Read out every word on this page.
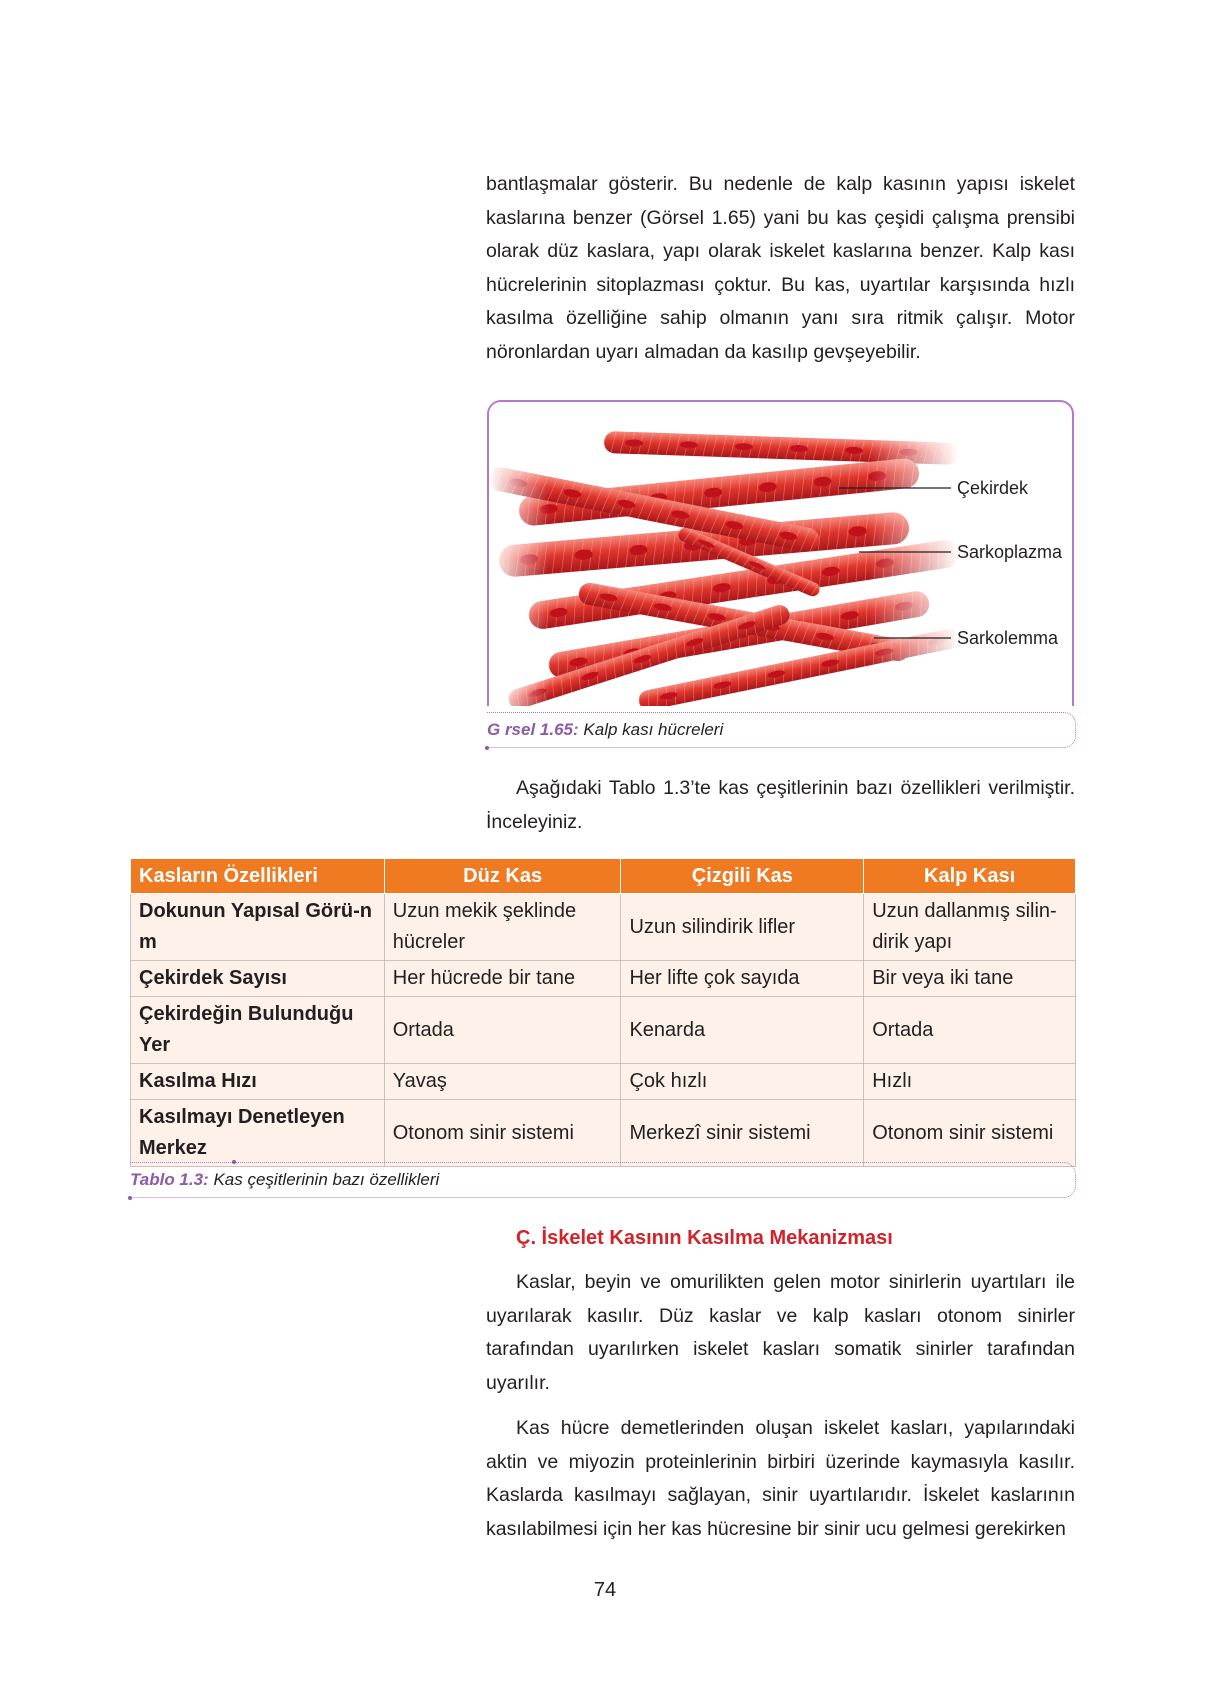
bantlaşmalar gösterir. Bu nedenle de kalp kasının yapısı iskelet kaslarına benzer (Görsel 1.65) yani bu kas çeşidi çalışma prensibi olarak düz kaslara, yapı olarak iskelet kaslarına benzer. Kalp kası hücrelerinin sitoplazması çoktur. Bu kas, uyartılar karşısında hızlı kasılma özelliğine sahip olmanın yanı sıra ritmik çalışır. Motor nöronlardan uyarı almadan da kasılıp gevşeyebilir.

Çekirdek
Sarkoplazma
Sarkolemma
G rsel 1.65: Kalp kası hücreleri

Aşağıdaki Tablo 1.3’te kas çeşitlerinin bazı özellikleri verilmiştir. İnceleyiniz.

Kasların Özellikleri	Düz Kas	Çizgili Kas	Kalp Kası
Dokunun Yapısal Görü-n m	Uzun mekik şeklinde hücreler	Uzun silindirik lifler	Uzun dallanmış silin-dirik yapı
Çekirdek Sayısı	Her hücrede bir tane	Her lifte çok sayıda	Bir veya iki tane
Çekirdeğin Bulunduğu Yer	Ortada	Kenarda	Ortada
Kasılma Hızı	Yavaş	Çok hızlı	Hızlı
Kasılmayı Denetleyen Merkez	Otonom sinir sistemi	Merkezî sinir sistemi	Otonom sinir sistemi
Tablo 1.3: Kas çeşitlerinin bazı özellikleri
Ç. İskelet Kasının Kasılma Mekanizması

Kaslar, beyin ve omurilikten gelen motor sinirlerin uyartıları ile uyarılarak kasılır. Düz kaslar ve kalp kasları otonom sinirler tarafından uyarılırken iskelet kasları somatik sinirler tarafından uyarılır.

Kas hücre demetlerinden oluşan iskelet kasları, yapılarındaki aktin ve miyozin proteinlerinin birbiri üzerinde kaymasıyla kasılır. Kaslarda kasılmayı sağlayan, sinir uyartılarıdır. İskelet kaslarının kasılabilmesi için her kas hücresine bir sinir ucu gelmesi gerekirken

74
